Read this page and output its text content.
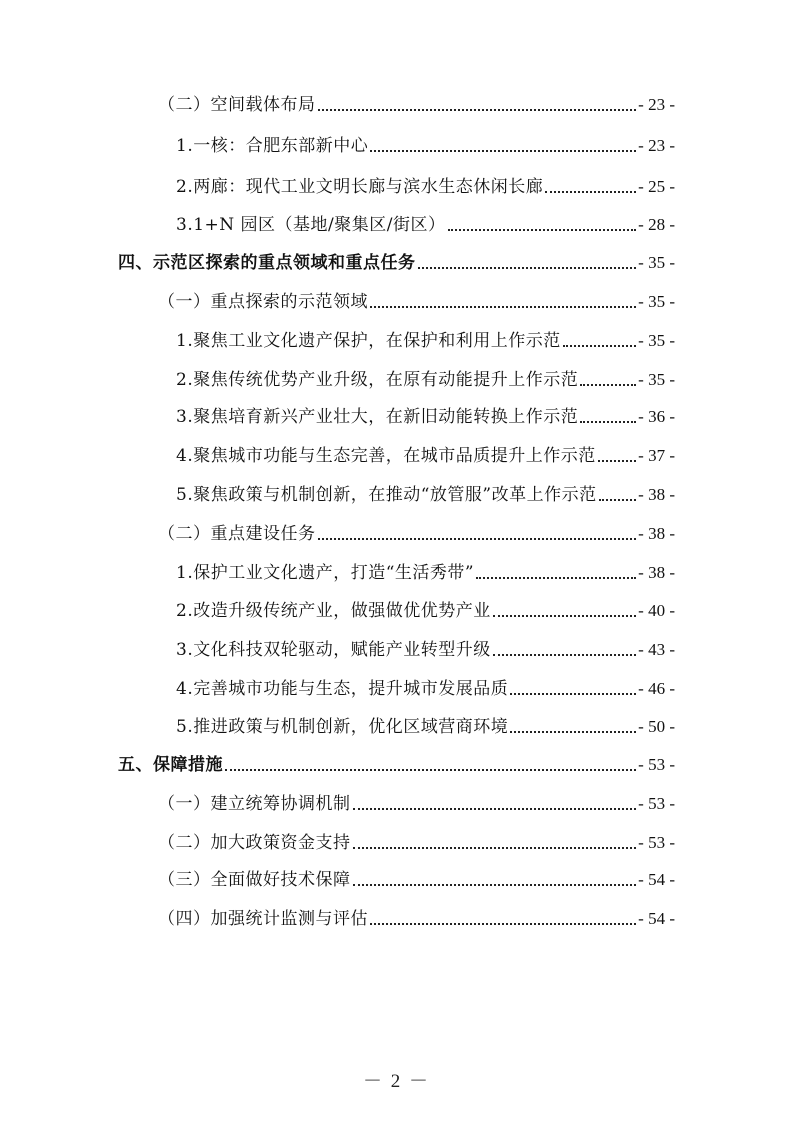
（二）空间载体布局	- 23 -
1.一核：合肥东部新中心	- 23 -
2.两廊：现代工业文明长廊与滨水生态休闲长廊	- 25 -
3.1+N 园区（基地/聚集区/街区）	- 28 -
四、示范区探索的重点领域和重点任务	- 35 -
（一）重点探索的示范领域	- 35 -
1.聚焦工业文化遗产保护，在保护和利用上作示范	- 35 -
2.聚焦传统优势产业升级，在原有动能提升上作示范	- 35 -
3.聚焦培育新兴产业壮大，在新旧动能转换上作示范	- 36 -
4.聚焦城市功能与生态完善，在城市品质提升上作示范 - 37 -
5.聚焦政策与机制创新，在推动“放管服”改革上作示范 - 38 -
（二）重点建设任务	- 38 -
1.保护工业文化遗产，打造“生活秀带”	- 38 -
2.改造升级传统产业，做强做优优势产业	- 40 -
3.文化科技双轮驱动，赋能产业转型升级	- 43 -
4.完善城市功能与生态，提升城市发展品质	- 46 -
5.推进政策与机制创新，优化区域营商环境	- 50 -
五、保障措施	- 53 -
（一）建立统筹协调机制	- 53 -
（二）加大政策资金支持	- 53 -
（三）全面做好技术保障	- 54 -
（四）加强统计监测与评估	- 54 -
－ 2 －
